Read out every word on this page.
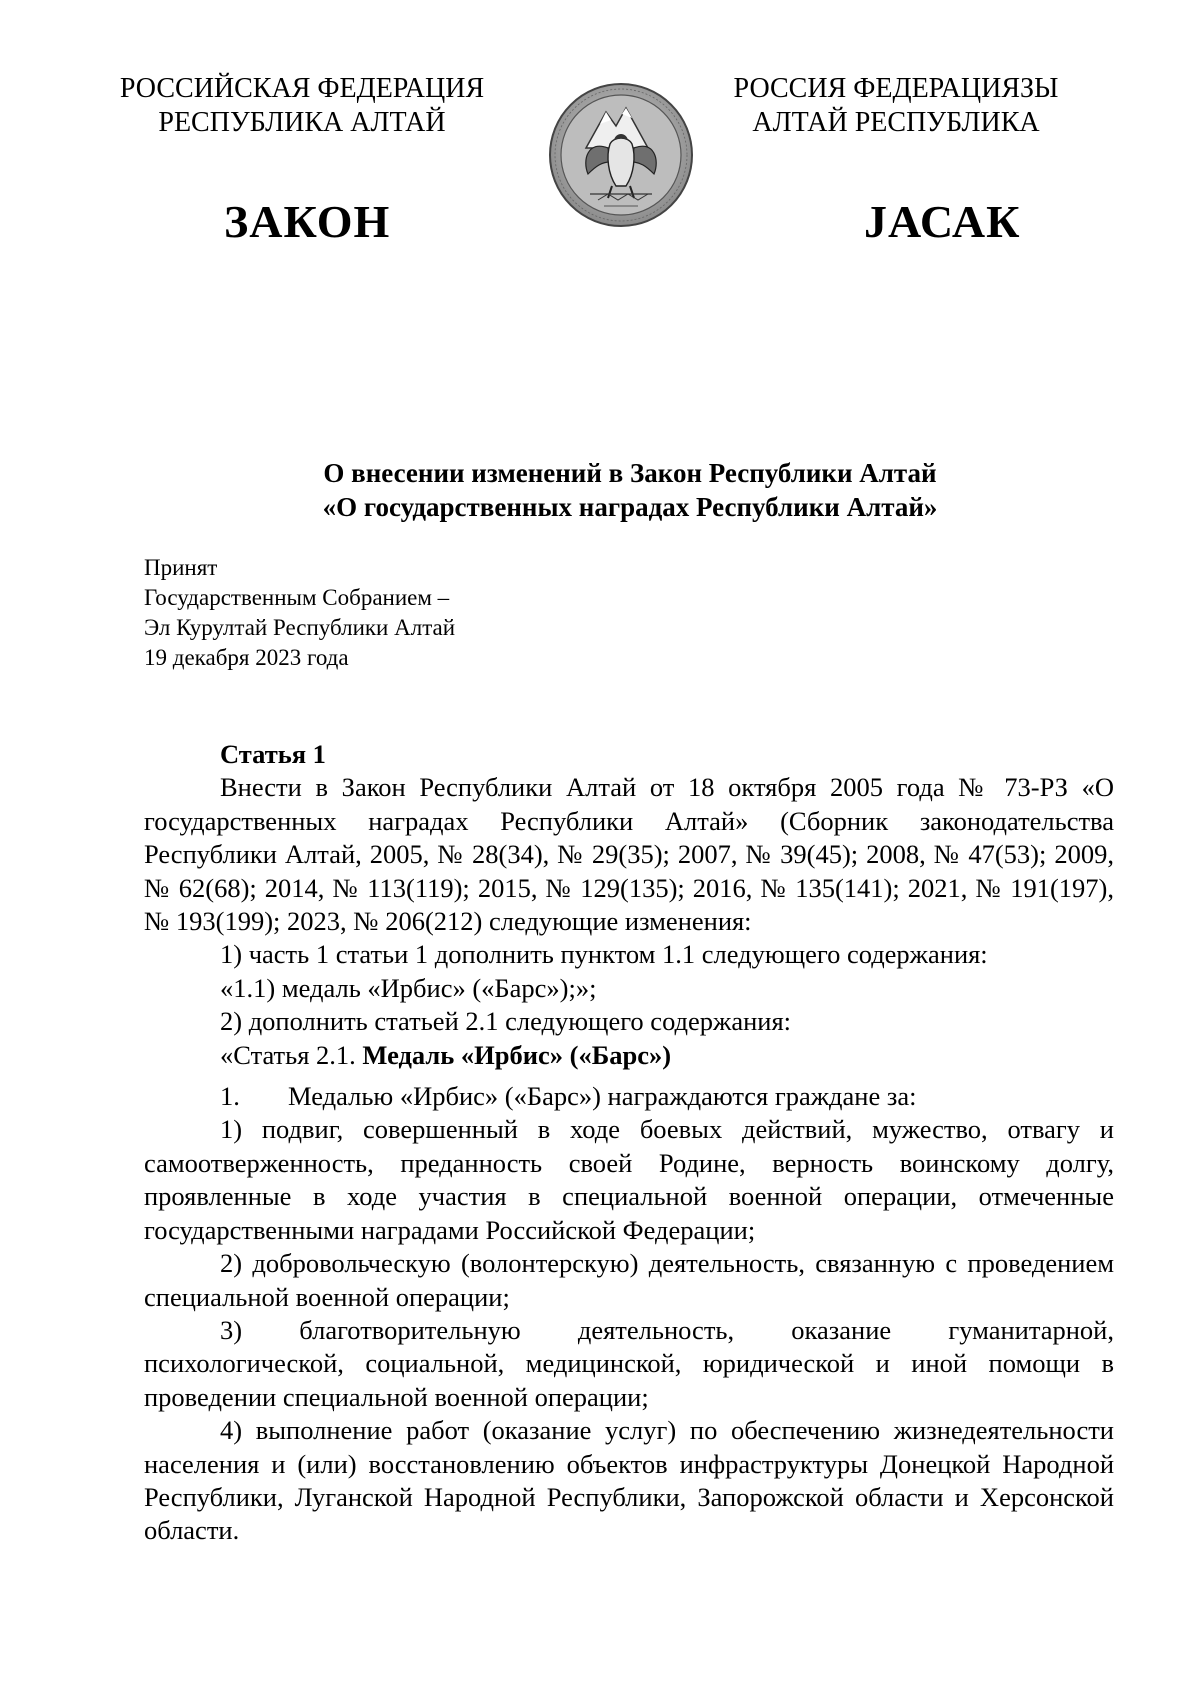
РОССИЙСКАЯ ФЕДЕРАЦИЯ
РЕСПУБЛИКА АЛТАЙ
РОССИЯ ФЕДЕРАЦИЯЗЫ
АЛТАЙ РЕСПУБЛИКА
ЗАКОН	JАСАК
О внесении изменений в Закон Республики Алтай
«О государственных наградах Республики Алтай»
Принят
Государственным Собранием –
Эл Курултай Республики Алтай
19 декабря 2023 года

Статья 1

Внести в Закон Республики Алтай от 18 октября 2005 года № 73-РЗ «О государственных наградах Республики Алтай» (Сборник законодательства Республики Алтай, 2005, № 28(34), № 29(35); 2007, № 39(45); 2008, № 47(53); 2009, № 62(68); 2014, № 113(119); 2015, № 129(135); 2016, № 135(141); 2021, № 191(197), № 193(199); 2023, № 206(212) следующие изменения:

1) часть 1 статьи 1 дополнить пунктом 1.1 следующего содержания:

«1.1) медаль «Ирбис» («Барс»);»;

2) дополнить статьей 2.1 следующего содержания:

«Статья 2.1. Медаль «Ирбис» («Барс»)

1. Медалью «Ирбис» («Барс») награждаются граждане за:

1) подвиг, совершенный в ходе боевых действий, мужество, отвагу и самоотверженность, преданность своей Родине, верность воинскому долгу, проявленные в ходе участия в специальной военной операции, отмеченные государственными наградами Российской Федерации;

2) добровольческую (волонтерскую) деятельность, связанную с проведением специальной военной операции;

3) благотворительную деятельность, оказание гуманитарной, психологической, социальной, медицинской, юридической и иной помощи в проведении специальной военной операции;

4) выполнение работ (оказание услуг) по обеспечению жизнедеятельности населения и (или) восстановлению объектов инфраструктуры Донецкой Народной Республики, Луганской Народной Республики, Запорожской области и Херсонской области.
